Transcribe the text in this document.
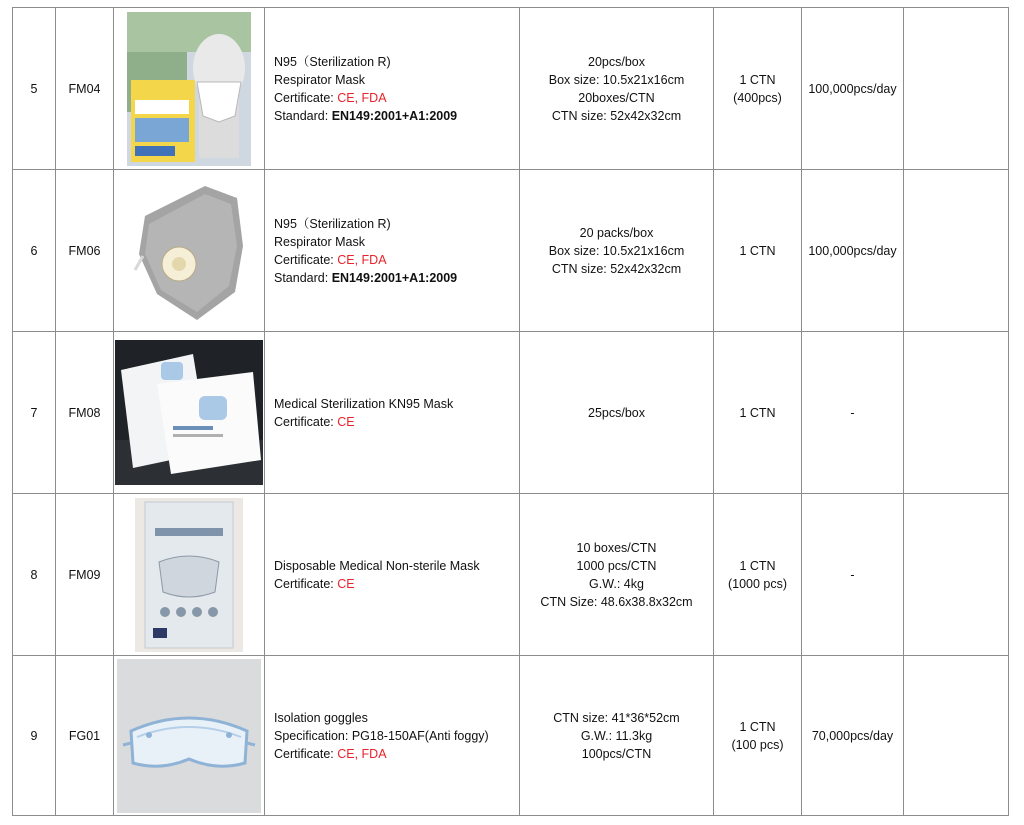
5	FM04		N95（Sterilization R)
Respirator Mask
Certificate: CE, FDA
Standard: EN149:2001+A1:2009	20pcs/box
Box size: 10.5x21x16cm
20boxes/CTN
CTN size: 52x42x32cm	1 CTN
(400pcs)	100,000pcs/day	
6	FM06		N95（Sterilization R)
Respirator Mask
Certificate: CE, FDA
Standard: EN149:2001+A1:2009	20 packs/box
Box size: 10.5x21x16cm
CTN size: 52x42x32cm	1 CTN	100,000pcs/day	
7	FM08		Medical Sterilization KN95 Mask
Certificate: CE	25pcs/box	1 CTN	-	
8	FM09		Disposable Medical Non-sterile Mask
Certificate: CE	10 boxes/CTN
1000 pcs/CTN
G.W.: 4kg
CTN Size: 48.6x38.8x32cm	1 CTN
(1000 pcs)	-	
9	FG01		Isolation goggles
Specification: PG18-150AF(Anti foggy)
Certificate: CE, FDA	CTN size: 41*36*52cm
G.W.: 11.3kg
100pcs/CTN	1 CTN
(100 pcs)	70,000pcs/day	
